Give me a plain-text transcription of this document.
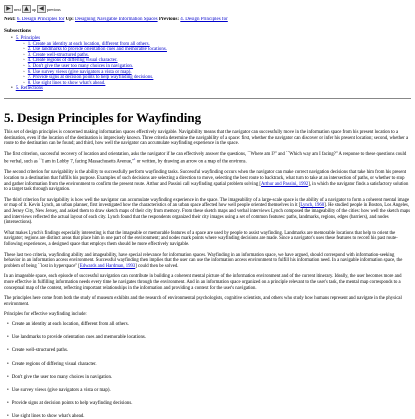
▶ next ▲ up ◀ previous
Next: 6. Design Principles for Up: Designing Navigable Information Spaces Previous: 4. Design Principles for
Subsections
• 5. Principles
◦ 1. Create an identity at each location, different from all others.
◦ 2. Use landmarks to provide orientation cues and memorable locations.
◦ 3. Create well-structured paths.
◦ 4. Create regions of differing visual character.
◦ 5. Don't give the user too many choices in navigation.
◦ 6. Use survey views (give navigators a vista or map).
◦ 7. Provide signs at decision points to help wayfinding decisions.
◦ 8. Use sight lines to show what's ahead.
• 5. Reflections
5. Design Principles for Wayfinding

This set of design principles is concerned making information spaces effectively navigable. Navigability means that the navigator can successfully move in the information space from his present location to a destination, even if the location of the destination is imprecisely known. Three criteria determine the navigability of a space: first, whether the navigator can discover or infer his present location; second, whether a route to the destination can be found; and third, how well the navigator can accumulate wayfinding experience in the space.

The first criterion, successful recovery of location and orientation, asks the navigator if he can effectively answer the questions, ``Where am I?'' and ``Which way am I facing?'' A response to these questions could be verbal, such as ``I am in Lobby 7, facing Massachusetts Avenue,''$^1$ or written, by drawing an arrow on a map of the environs.

The second criterion for navigability is the ability to successfully perform wayfinding tasks. Successful wayfinding occurs when the navigator can make correct navigation decisions that take him from his present location to a destination that fulfills his purpose. Examples of such decisions are selecting a direction to move, selecting the best route to backtrack, what turn to take at an intersection of paths, or whether to stop and gather information from the environment to confirm the present route. Arthur and Passini call wayfinding spatial problem solving [Arthur and Passini, 1992], in which the navigator finds a satisfactory solution to a target task through navigation.

The third criterion for navigability is how well the navigator can accumulate wayfinding experience in the space. The imageability of a large-scale space is the ability of a navigator to form a coherent mental image or map of it. Kevin Lynch, an urban planner, first investigated how the characteristics of an urban space affected how well people oriented themselves in it [Lynch, 1960]. He studied people in Boston, Los Angeles, and Jersey City, New Jersey, and asked them to draw sketch maps of their city from memory. From these sketch maps and verbal interviews Lynch composed the imageability of the cities: how well the sketch maps and interviews reflected the actual layout of each city. Lynch found that the respondents organized their city images using a set of common features: paths, landmarks, regions, edges (barriers), and nodes (intersections).

What makes Lynch's findings especially interesting is that the imageable or memorable features of a space are used by people to assist wayfinding. Landmarks are memorable locations that help to orient the navigator; regions are distinct areas that place him in one part of the environment; and nodes mark points where wayfinding decisions are made. Since a navigator's uses these features to record his past route-following experiences, a designed space that employs them should be more effectively navigable.

These last two criteria, wayfinding ability and imageability, have special relevance for information spaces. Wayfinding in an information space, we have argued, should correspond with information-seeking behavior in an information access environment. Successful wayfinding then implies that the user can use the information access environment to fulfill his information need. In a navigable information space, the problem of being ``lost in hyperspace'' [Edwards and Hardman, 1993] could then be solved.

In an imageable space, each episode of successful navigation can contribute in building a coherent mental picture of the information environment and of the current itinerary. Ideally, the user becomes more and more effective in fulfilling information needs every time he navigates through the environment. And in an information space organized on a principle relevant to the user's task, the mental map corresponds to a conceptual map of the content, reflecting important relationships in the information and providing a context for the user's navigation.

The principles here come from both the study of museum exhibits and the research of environmental psychologists, cognitive scientists, and others who study how humans represent and navigate in the physical environment.

Principles for effective wayfinding include:

• Create an identity at each location, different from all others.
• Use landmarks to provide orientation cues and memorable locations.
• Create well-structured paths.
• Create regions of differing visual character.
• Don't give the user too many choices in navigation.
• Use survey views (give navigators a vista or map).
• Provide signs at decision points to help wayfinding decisions.
• Use sight lines to show what's ahead.
